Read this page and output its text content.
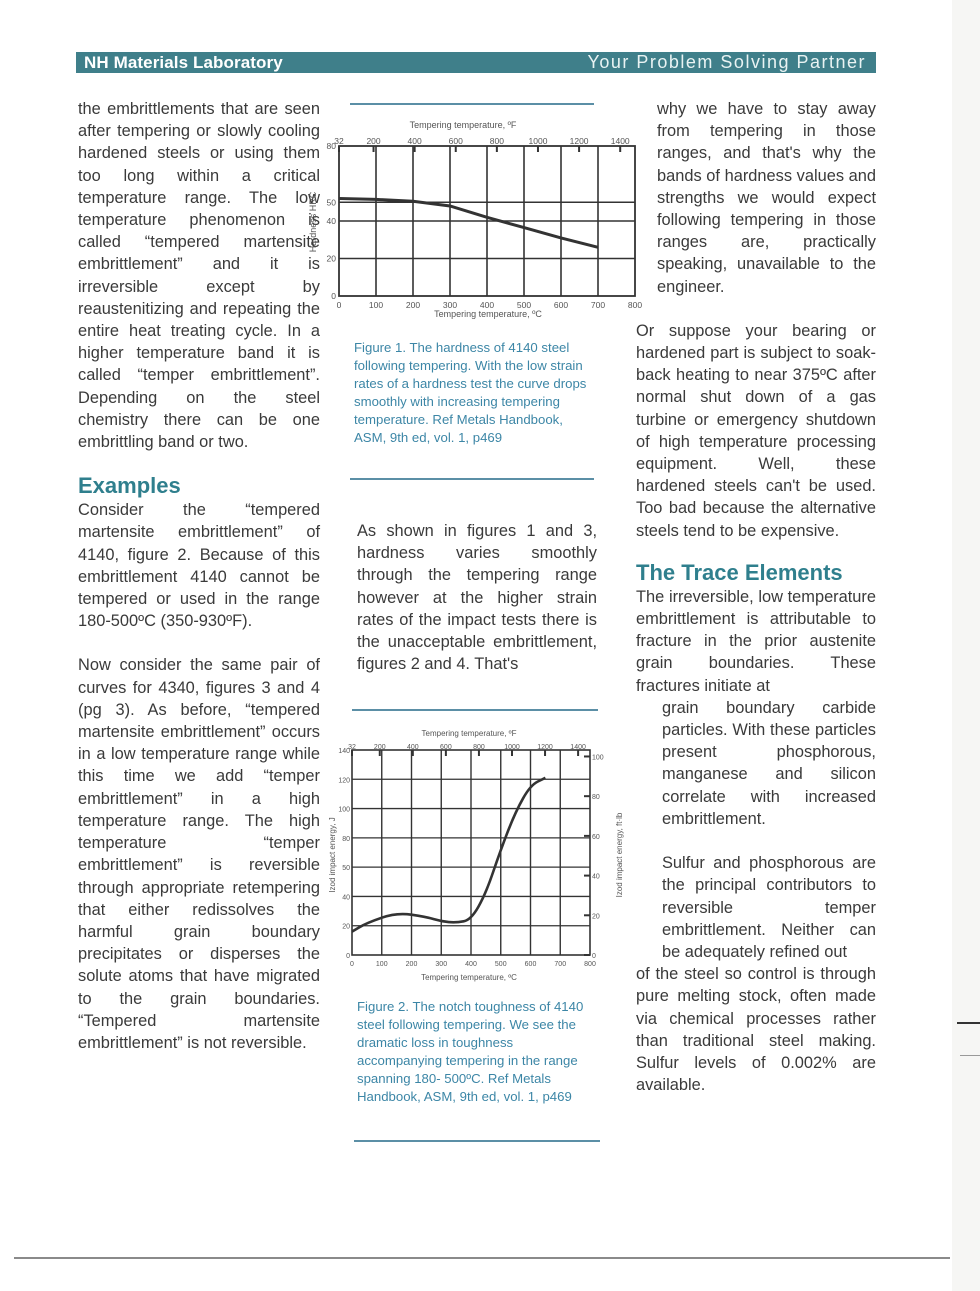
NH Materials Laboratory	Your Problem Solving Partner

the embrittlements that are seen after tempering or slowly cooling hardened steels or using them too long within a critical temperature range. The low temperature phenomenon is called “tempered martensite embrittlement” and it is irreversible except by reaustenitizing and repeating the entire heat treating cycle. In a higher temperature band it is called “temper embrittlement”. Depending on the steel chemistry there can be one embrittling band or two.

Examples

Consider the “tempered martensite embrittlement” of 4140, figure 2. Because of this embrittlement 4140 cannot be tempered or used in the range 180-500ºC (350-930ºF).

Now consider the same pair of curves for 4340, figures 3 and 4 (pg 3). As before, “tempered martensite embrittlement” occurs in a low temperature range while this time we add “temper embrittlement” in a high temperature range. The high temperature “temper embrittlement” is reversible through appropriate retempering that either redissolves the harmful grain boundary precipitates or disperses the solute atoms that have migrated to the grain boundaries. “Tempered martensite embrittlement” is not reversible.

0	100	200	300	400	500	600	700	800
0
20
40
50
80
32	200	400	600	800	1000	1200	1400
Tempering temperature, ºF
Tempering temperature, ºC
Hardness HRC
Figure 1. The hardness of 4140 steel following tempering. With the low strain rates of a hardness test the curve drops smoothly with increasing tempering temperature. Ref Metals Handbook, ASM, 9th ed, vol. 1, p469

As shown in figures 1 and 3, hardness varies smoothly through the tempering range however at the higher strain rates of the impact tests there is the unacceptable embrittlement, figures 2 and 4. That's

0	100	200	300	400	500	600	700	800
0
20
40
50
80
100
120
140
0
20
40
60
80
100
32	200	400	600	800	1000 1200 1400
Tempering temperature, ºF
Tempering temperature, ºC
Izod impact energy, J	Izod impact energy, ft·lb
Figure 2. The notch toughness of 4140 steel following tempering. We see the dramatic loss in toughness accompanying tempering in the range spanning 180- 500ºC. Ref Metals Handbook, ASM, 9th ed, vol. 1, p469

why we have to stay away from tempering in those ranges, and that's why the bands of hardness values and strengths we would expect following tempering in those ranges are, practically speaking, unavailable to the engineer.

Or suppose your bearing or hardened part is subject to soak-back heating to near 375ºC after normal shut down of a gas turbine or emergency shutdown of high temperature processing equipment. Well, these hardened steels can't be used. Too bad because the alternative steels tend to be expensive.

The Trace Elements

The irreversible, low temperature embrittlement is attributable to fracture in the prior austenite grain boundaries. These fractures initiate at

grain boundary carbide particles. With these particles present phosphorous, manganese and silicon correlate with increased embrittlement.

Sulfur and phosphorous are the principal contributors to reversible temper embrittlement. Neither can be adequately refined out

of the steel so control is through pure melting stock, often made via chemical processes rather than traditional steel making. Sulfur levels of 0.002% are available.
